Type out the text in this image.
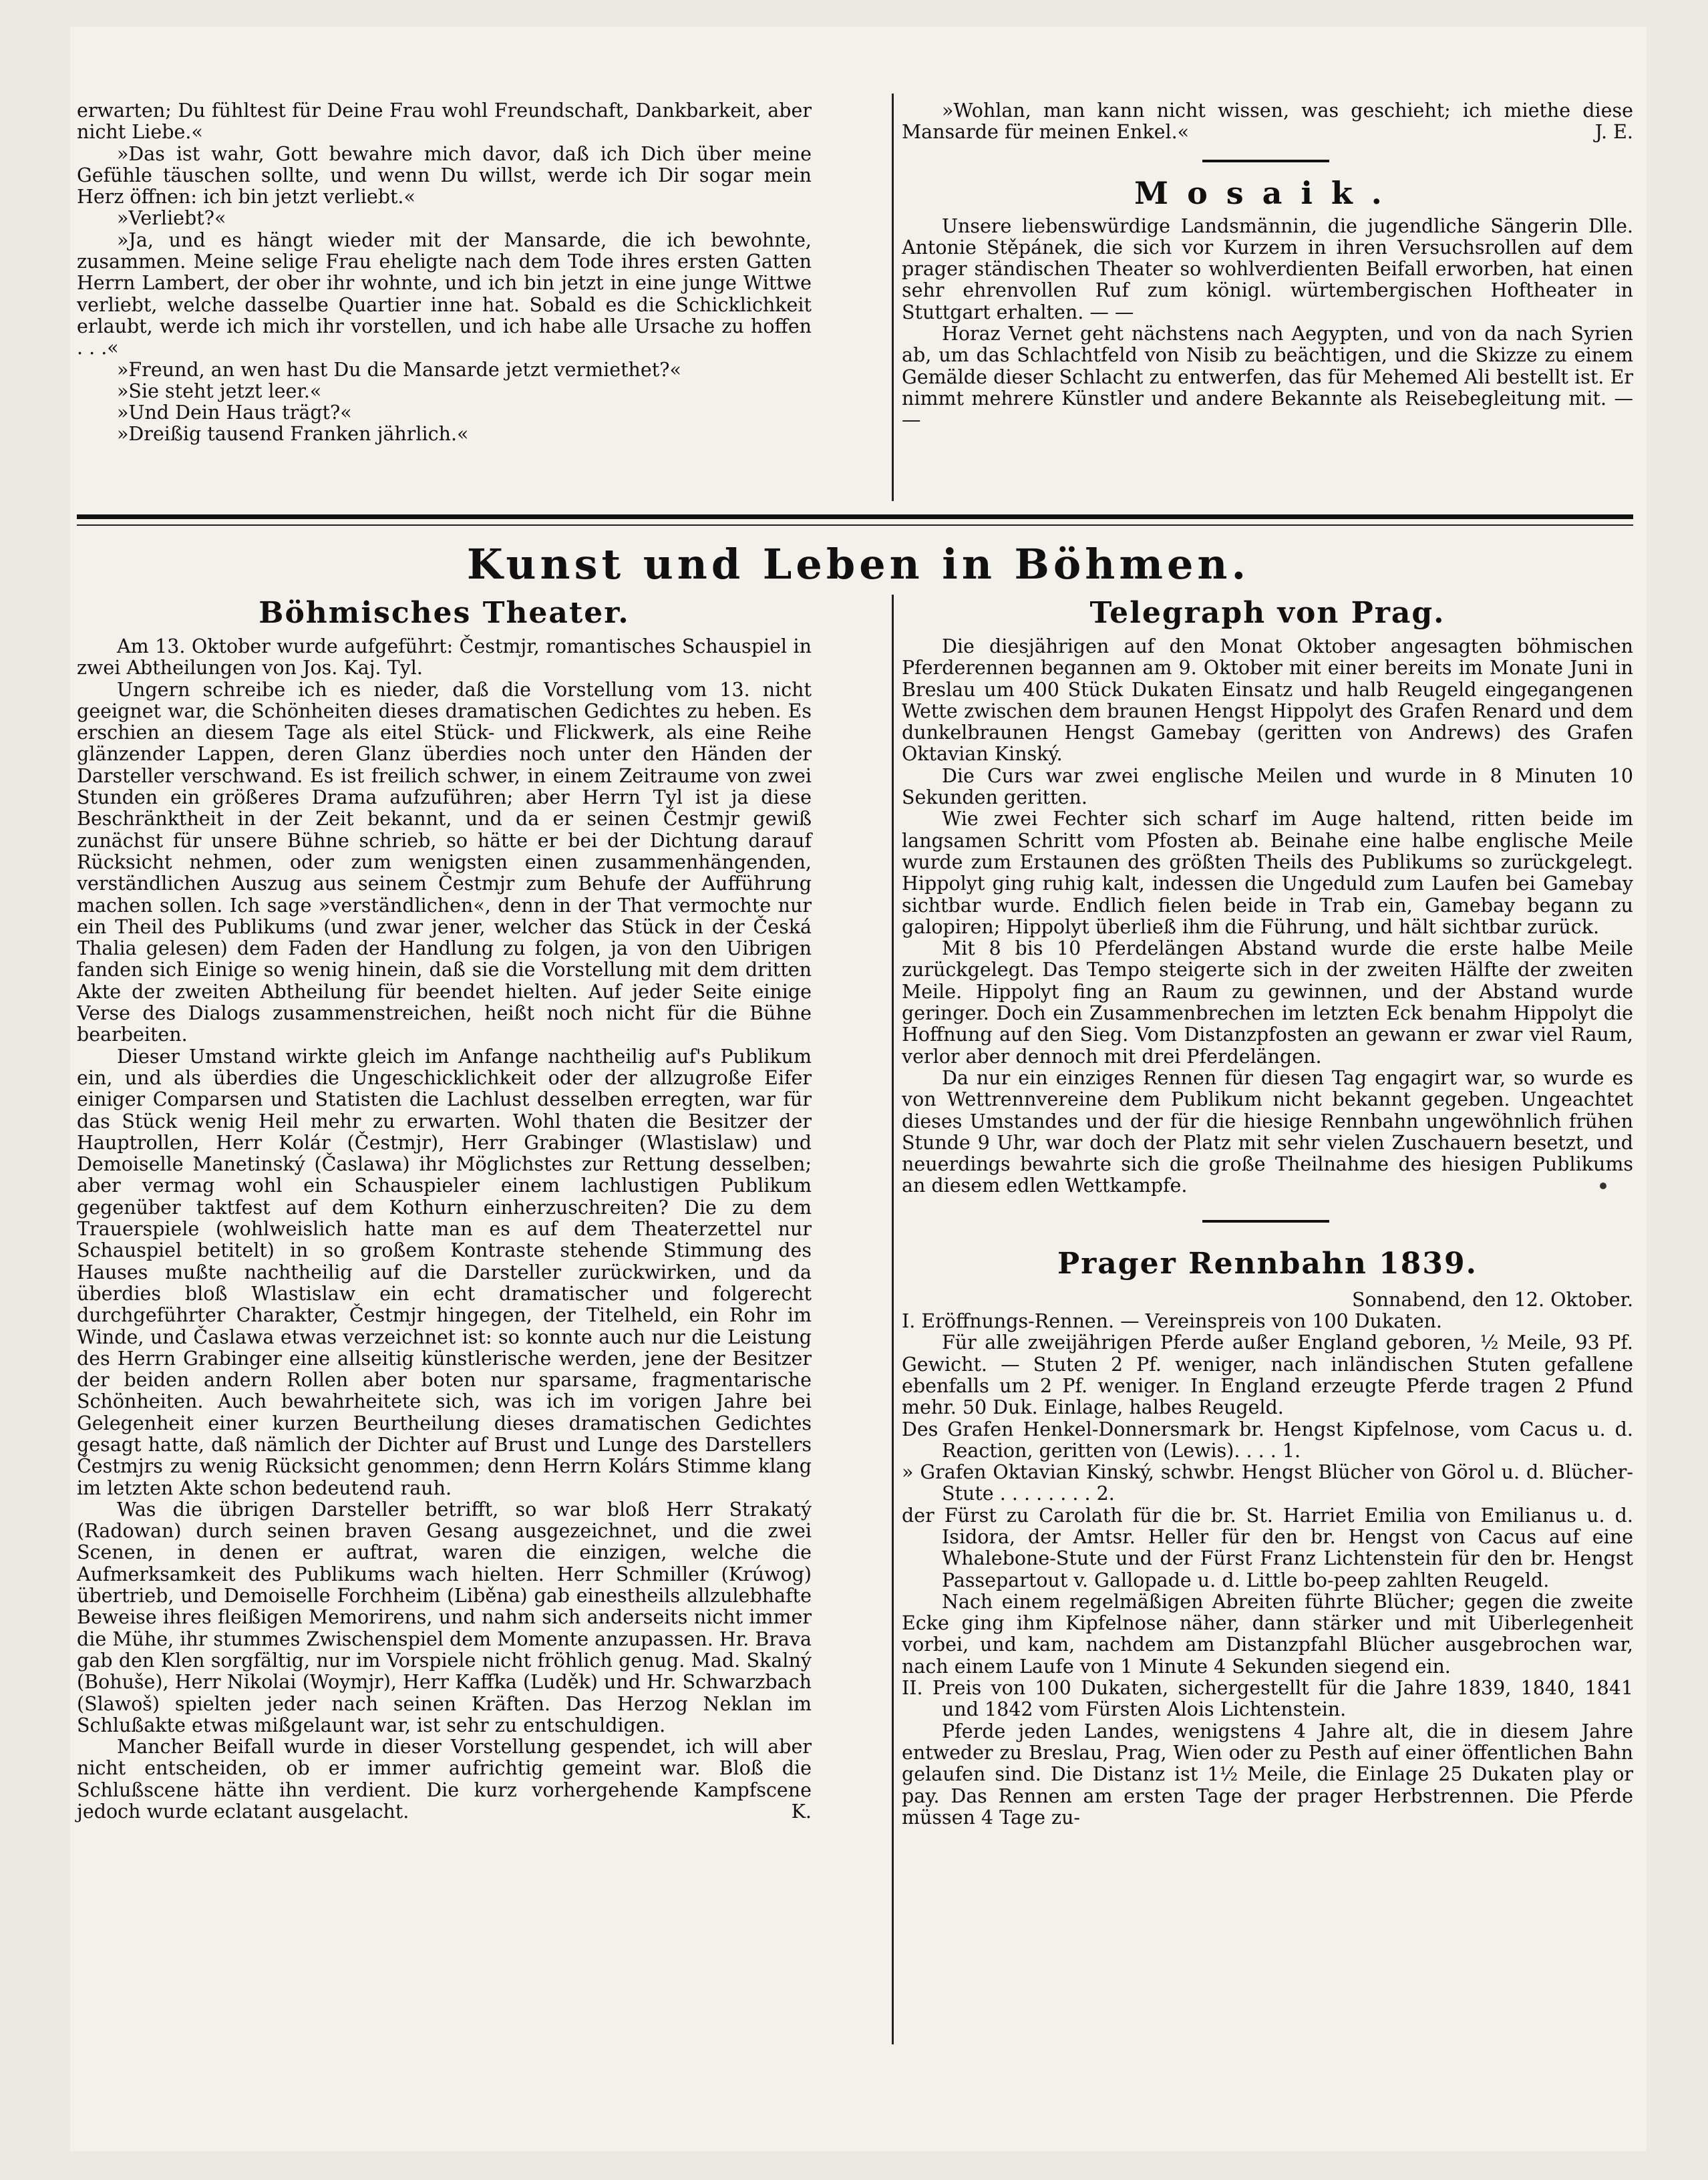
erwarten; Du fühltest für Deine Frau wohl Freundschaft, Dankbarkeit, aber nicht Liebe.«

»Das ist wahr, Gott bewahre mich davor, daß ich Dich über meine Gefühle täuschen sollte, und wenn Du willst, werde ich Dir sogar mein Herz öffnen: ich bin jetzt verliebt.«

»Verliebt?«

»Ja, und es hängt wieder mit der Mansarde, die ich bewohnte, zusammen. Meine selige Frau eheligte nach dem Tode ihres ersten Gatten Herrn Lambert, der ober ihr wohnte, und ich bin jetzt in eine junge Wittwe verliebt, welche dasselbe Quartier inne hat. Sobald es die Schicklichkeit erlaubt, werde ich mich ihr vorstellen, und ich habe alle Ursache zu hoffen . . .«

»Freund, an wen hast Du die Mansarde jetzt vermiethet?«

»Sie steht jetzt leer.«

»Und Dein Haus trägt?«

»Dreißig tausend Franken jährlich.«

»Wohlan, man kann nicht wissen, was geschieht; ich miethe diese Mansarde für meinen Enkel.«	J. E.

Mosaik.

Unsere liebenswürdige Landsmännin, die jugendliche Sängerin Dlle. Antonie Stěpánek, die sich vor Kurzem in ihren Versuchsrollen auf dem prager ständischen Theater so wohlverdienten Beifall erworben, hat einen sehr ehrenvollen Ruf zum königl. würtembergischen Hoftheater in Stuttgart erhalten. — —

Horaz Vernet geht nächstens nach Aegypten, und von da nach Syrien ab, um das Schlachtfeld von Nisib zu beächtigen, und die Skizze zu einem Gemälde dieser Schlacht zu entwerfen, das für Mehemed Ali bestellt ist. Er nimmt mehrere Künstler und andere Bekannte als Reisebegleitung mit. — —

Kunst und Leben in Böhmen.
Böhmisches Theater.

Am 13. Oktober wurde aufgeführt: Čestmjr, romantisches Schauspiel in zwei Abtheilungen von Jos. Kaj. Tyl.

Ungern schreibe ich es nieder, daß die Vorstellung vom 13. nicht geeignet war, die Schönheiten dieses dramatischen Gedichtes zu heben. Es erschien an diesem Tage als eitel Stück- und Flickwerk, als eine Reihe glänzender Lappen, deren Glanz überdies noch unter den Händen der Darsteller verschwand. Es ist freilich schwer, in einem Zeitraume von zwei Stunden ein größeres Drama aufzuführen; aber Herrn Tyl ist ja diese Beschränktheit in der Zeit bekannt, und da er seinen Čestmjr gewiß zunächst für unsere Bühne schrieb, so hätte er bei der Dichtung darauf Rücksicht nehmen, oder zum wenigsten einen zusammenhängenden, verständlichen Auszug aus seinem Čestmjr zum Behufe der Aufführung machen sollen. Ich sage »verständlichen«, denn in der That vermochte nur ein Theil des Publikums (und zwar jener, welcher das Stück in der Česká Thalia gelesen) dem Faden der Handlung zu folgen, ja von den Uibrigen fanden sich Einige so wenig hinein, daß sie die Vorstellung mit dem dritten Akte der zweiten Abtheilung für beendet hielten. Auf jeder Seite einige Verse des Dialogs zusammenstreichen, heißt noch nicht für die Bühne bearbeiten.

Dieser Umstand wirkte gleich im Anfange nachtheilig auf's Publikum ein, und als überdies die Ungeschicklichkeit oder der allzugroße Eifer einiger Comparsen und Statisten die Lachlust desselben erregten, war für das Stück wenig Heil mehr zu erwarten. Wohl thaten die Besitzer der Hauptrollen, Herr Kolár (Čestmjr), Herr Grabinger (Wlastislaw) und Demoiselle Manetinský (Časlawa) ihr Möglichstes zur Rettung desselben; aber vermag wohl ein Schauspieler einem lachlustigen Publikum gegenüber taktfest auf dem Kothurn einherzuschreiten? Die zu dem Trauerspiele (wohlweislich hatte man es auf dem Theaterzettel nur Schauspiel betitelt) in so großem Kontraste stehende Stimmung des Hauses mußte nachtheilig auf die Darsteller zurückwirken, und da überdies bloß Wlastislaw ein echt dramatischer und folgerecht durchgeführter Charakter, Čestmjr hingegen, der Titelheld, ein Rohr im Winde, und Časlawa etwas verzeichnet ist: so konnte auch nur die Leistung des Herrn Grabinger eine allseitig künstlerische werden, jene der Besitzer der beiden andern Rollen aber boten nur sparsame, fragmentarische Schönheiten. Auch bewahrheitete sich, was ich im vorigen Jahre bei Gelegenheit einer kurzen Beurtheilung dieses dramatischen Gedichtes gesagt hatte, daß nämlich der Dichter auf Brust und Lunge des Darstellers Čestmjrs zu wenig Rücksicht genommen; denn Herrn Kolárs Stimme klang im letzten Akte schon bedeutend rauh.

Was die übrigen Darsteller betrifft, so war bloß Herr Strakatý (Radowan) durch seinen braven Gesang ausgezeichnet, und die zwei Scenen, in denen er auftrat, waren die einzigen, welche die Aufmerksamkeit des Publikums wach hielten. Herr Schmiller (Krúwog) übertrieb, und Demoiselle Forchheim (Liběna) gab einestheils allzulebhafte Beweise ihres fleißigen Memorirens, und nahm sich anderseits nicht immer die Mühe, ihr stummes Zwischenspiel dem Momente anzupassen. Hr. Brava gab den Klen sorgfältig, nur im Vorspiele nicht fröhlich genug. Mad. Skalný (Bohuše), Herr Nikolai (Woymjr), Herr Kaffka (Luděk) und Hr. Schwarzbach (Slawoš) spielten jeder nach seinen Kräften. Das Herzog Neklan im Schlußakte etwas mißgelaunt war, ist sehr zu entschuldigen.

Mancher Beifall wurde in dieser Vorstellung gespendet, ich will aber nicht entscheiden, ob er immer aufrichtig gemeint war. Bloß die Schlußscene hätte ihn verdient. Die kurz vorhergehende Kampfscene jedoch wurde eclatant ausgelacht.	K.

Telegraph von Prag.

Die diesjährigen auf den Monat Oktober angesagten böhmischen Pferderennen begannen am 9. Oktober mit einer bereits im Monate Juni in Breslau um 400 Stück Dukaten Einsatz und halb Reugeld eingegangenen Wette zwischen dem braunen Hengst Hippolyt des Grafen Renard und dem dunkelbraunen Hengst Gamebay (geritten von Andrews) des Grafen Oktavian Kinský.

Die Curs war zwei englische Meilen und wurde in 8 Minuten 10 Sekunden geritten.

Wie zwei Fechter sich scharf im Auge haltend, ritten beide im langsamen Schritt vom Pfosten ab. Beinahe eine halbe englische Meile wurde zum Erstaunen des größten Theils des Publikums so zurückgelegt. Hippolyt ging ruhig kalt, indessen die Ungeduld zum Laufen bei Gamebay sichtbar wurde. Endlich fielen beide in Trab ein, Gamebay begann zu galopiren; Hippolyt überließ ihm die Führung, und hält sichtbar zurück.

Mit 8 bis 10 Pferdelängen Abstand wurde die erste halbe Meile zurückgelegt. Das Tempo steigerte sich in der zweiten Hälfte der zweiten Meile. Hippolyt fing an Raum zu gewinnen, und der Abstand wurde geringer. Doch ein Zusammenbrechen im letzten Eck benahm Hippolyt die Hoffnung auf den Sieg. Vom Distanzpfosten an gewann er zwar viel Raum, verlor aber dennoch mit drei Pferdelängen.

Da nur ein einziges Rennen für diesen Tag engagirt war, so wurde es von Wettrennvereine dem Publikum nicht bekannt gegeben. Ungeachtet dieses Umstandes und der für die hiesige Rennbahn ungewöhnlich frühen Stunde 9 Uhr, war doch der Platz mit sehr vielen Zuschauern besetzt, und neuerdings bewahrte sich die große Theilnahme des hiesigen Publikums an diesem edlen Wettkampfe.

Prager Rennbahn 1839.

Sonnabend, den 12. Oktober.

I. Eröffnungs-Rennen. — Vereinspreis von 100 Dukaten.

Für alle zweijährigen Pferde außer England geboren, ½ Meile, 93 Pf. Gewicht. — Stuten 2 Pf. weniger, nach inländischen Stuten gefallene ebenfalls um 2 Pf. weniger. In England erzeugte Pferde tragen 2 Pfund mehr. 50 Duk. Einlage, halbes Reugeld.

Des Grafen Henkel-Donnersmark br. Hengst Kipfelnose, vom Cacus u. d. Reaction, geritten von (Lewis). . . . 1.

» Grafen Oktavian Kinský, schwbr. Hengst Blücher von Görol u. d. Blücher-Stute . . . . . . . . 2.

der Fürst zu Carolath für die br. St. Harriet Emilia von Emilianus u. d. Isidora, der Amtsr. Heller für den br. Hengst von Cacus auf eine Whalebone-Stute und der Fürst Franz Lichtenstein für den br. Hengst Passepartout v. Gallopade u. d. Little bo-peep zahlten Reugeld.

Nach einem regelmäßigen Abreiten führte Blücher; gegen die zweite Ecke ging ihm Kipfelnose näher, dann stärker und mit Uiberlegenheit vorbei, und kam, nachdem am Distanzpfahl Blücher ausgebrochen war, nach einem Laufe von 1 Minute 4 Sekunden siegend ein.

II. Preis von 100 Dukaten, sichergestellt für die Jahre 1839, 1840, 1841 und 1842 vom Fürsten Alois Lichtenstein.

Pferde jeden Landes, wenigstens 4 Jahre alt, die in diesem Jahre entweder zu Breslau, Prag, Wien oder zu Pesth auf einer öffentlichen Bahn gelaufen sind. Die Distanz ist 1½ Meile, die Einlage 25 Dukaten play or pay. Das Rennen am ersten Tage der prager Herbstrennen. Die Pferde müssen 4 Tage zu-
